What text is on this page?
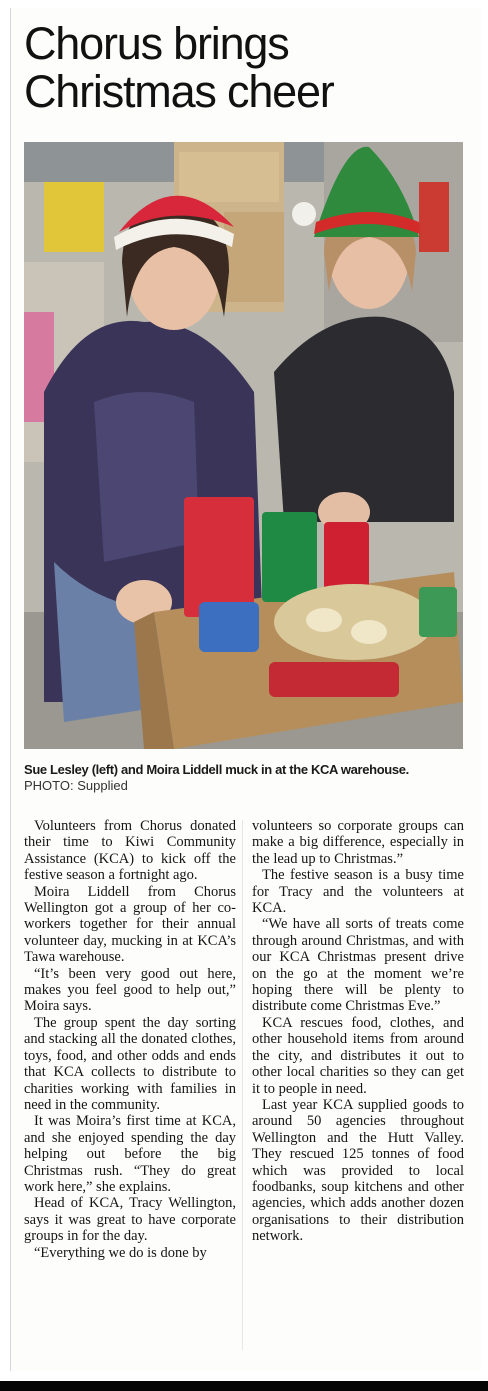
Chorus brings
Christmas cheer
Sue Lesley (left) and Moira Liddell muck in at the KCA warehouse.
PHOTO: Supplied

Volunteers from Chorus donated their time to Kiwi Community Assistance (KCA) to kick off the festive season a fortnight ago.

Moira Liddell from Chorus Wellington got a group of her co-workers together for their annual volunteer day, mucking in at KCA’s Tawa warehouse.

“It’s been very good out here, makes you feel good to help out,” Moira says.

The group spent the day sorting and stacking all the donated clothes, toys, food, and other odds and ends that KCA collects to distribute to charities working with families in need in the community.

It was Moira’s first time at KCA, and she enjoyed spending the day helping out before the big Christmas rush. “They do great work here,” she explains.

Head of KCA, Tracy Wellington, says it was great to have corporate groups in for the day.

“Everything we do is done by

volunteers so corporate groups can make a big difference, especially in the lead up to Christmas.”

The festive season is a busy time for Tracy and the volunteers at KCA.

“We have all sorts of treats come through around Christmas, and with our KCA Christmas present drive on the go at the moment we’re hoping there will be plenty to distribute come Christmas Eve.”

KCA rescues food, clothes, and other household items from around the city, and distributes it out to other local charities so they can get it to people in need.

Last year KCA supplied goods to around 50 agencies throughout Wellington and the Hutt Valley. They rescued 125 tonnes of food which was provided to local foodbanks, soup kitchens and other agencies, which adds another dozen organisations to their distribution network.
